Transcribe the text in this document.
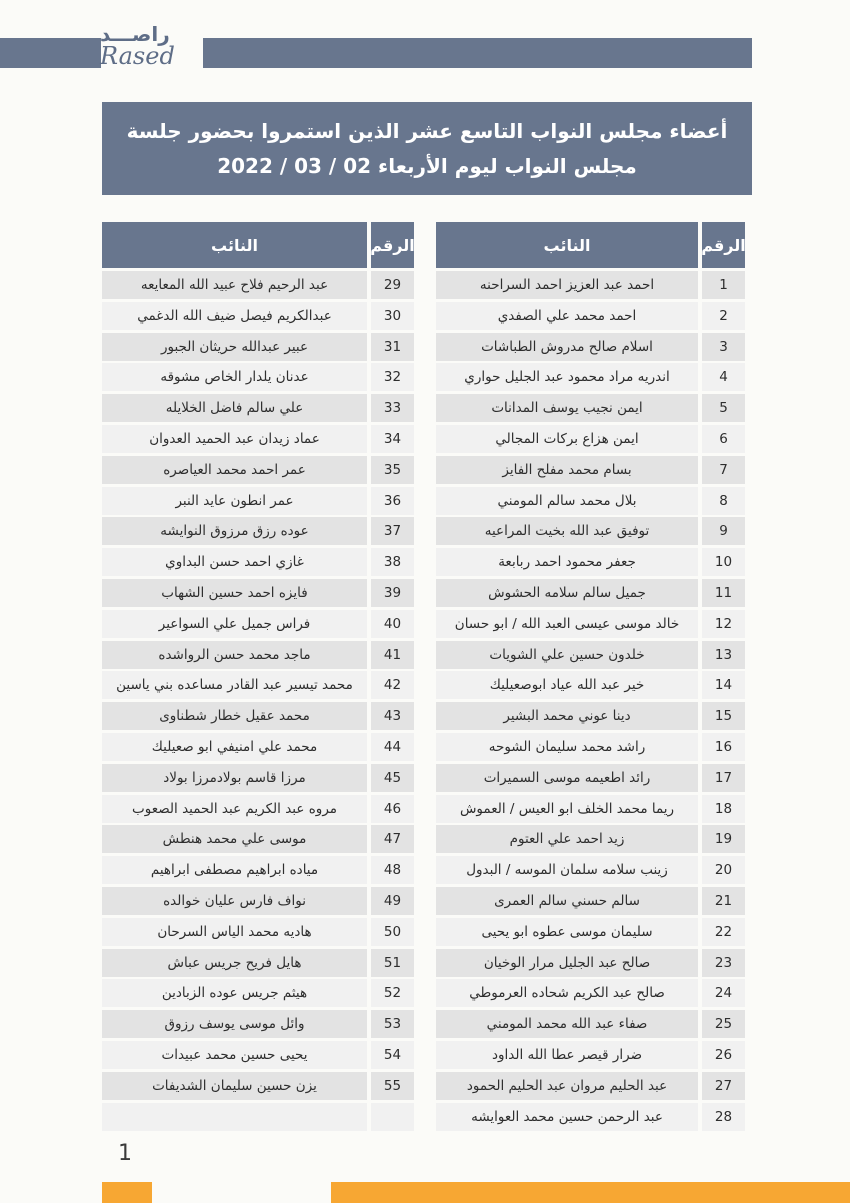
راصـــد
Rased
أعضاء مجلس النواب التاسع عشر الذين استمروا بحضور جلسة
مجلس النواب ليوم الأربعاء 02 / 03 / 2022
النائب	الرقم
عبد الرحيم فلاح عبيد الله المعايعه	29
عبدالكريم فيصل ضيف الله الدغمي	30
عبير عبدالله حريثان الجبور	31
عدنان يلدار الخاص مشوقه	32
علي سالم فاضل الخلايله	33
عماد زيدان عبد الحميد العدوان	34
عمر احمد محمد العياصره	35
عمر انطون عايد النبر	36
عوده رزق مرزوق النوايشه	37
غازي احمد حسن البداوي	38
فايزه احمد حسين الشهاب	39
فراس جميل علي السواعير	40
ماجد محمد حسن الرواشده	41
محمد تيسير عبد القادر مساعده بني ياسين	42
محمد عقيل خطار شطناوى	43
محمد علي امنيفي ابو صعيليك	44
مرزا قاسم بولادمرزا بولاد	45
مروه عبد الكريم عبد الحميد الصعوب	46
موسى علي محمد هنطش	47
مياده ابراهيم مصطفى ابراهيم	48
نواف فارس عليان خوالده	49
هاديه محمد الياس السرحان	50
هايل فريح جريس عباش	51
هيثم جريس عوده الزبادين	52
وائل موسى يوسف رزوق	53
يحيى حسين محمد عبيدات	54
يزن حسين سليمان الشديفات	55
النائب	الرقم
احمد عبد العزيز احمد السراحنه	1
احمد محمد علي الصفدي	2
اسلام صالح مدروش الطباشات	3
اندريه مراد محمود عبد الجليل حواري	4
ايمن نجيب يوسف المدانات	5
ايمن هزاع بركات المجالي	6
بسام محمد مفلح الفايز	7
بلال محمد سالم المومني	8
توفيق عبد الله بخيت المراعيه	9
جعفر محمود احمد ربابعة	10
جميل سالم سلامه الحشوش	11
خالد موسى عيسى العبد الله / ابو حسان	12
خلدون حسين علي الشويات	13
خير عبد الله عياد ابوصعيليك	14
دينا عوني محمد البشير	15
راشد محمد سليمان الشوحه	16
رائد اطعيمه موسى السميرات	17
ريما محمد الخلف ابو العيس / العموش	18
زيد احمد علي العتوم	19
زينب سلامه سلمان الموسه / البدول	20
سالم حسني سالم العمرى	21
سليمان موسى عطوه ابو يحيى	22
صالح عبد الجليل مرار الوخيان	23
صالح عبد الكريم شحاده العرموطي	24
صفاء عبد الله محمد المومني	25
ضرار قيصر عطا الله الداود	26
عبد الحليم مروان عبد الحليم الحمود	27
عبد الرحمن حسين محمد العوايشه	28
1
